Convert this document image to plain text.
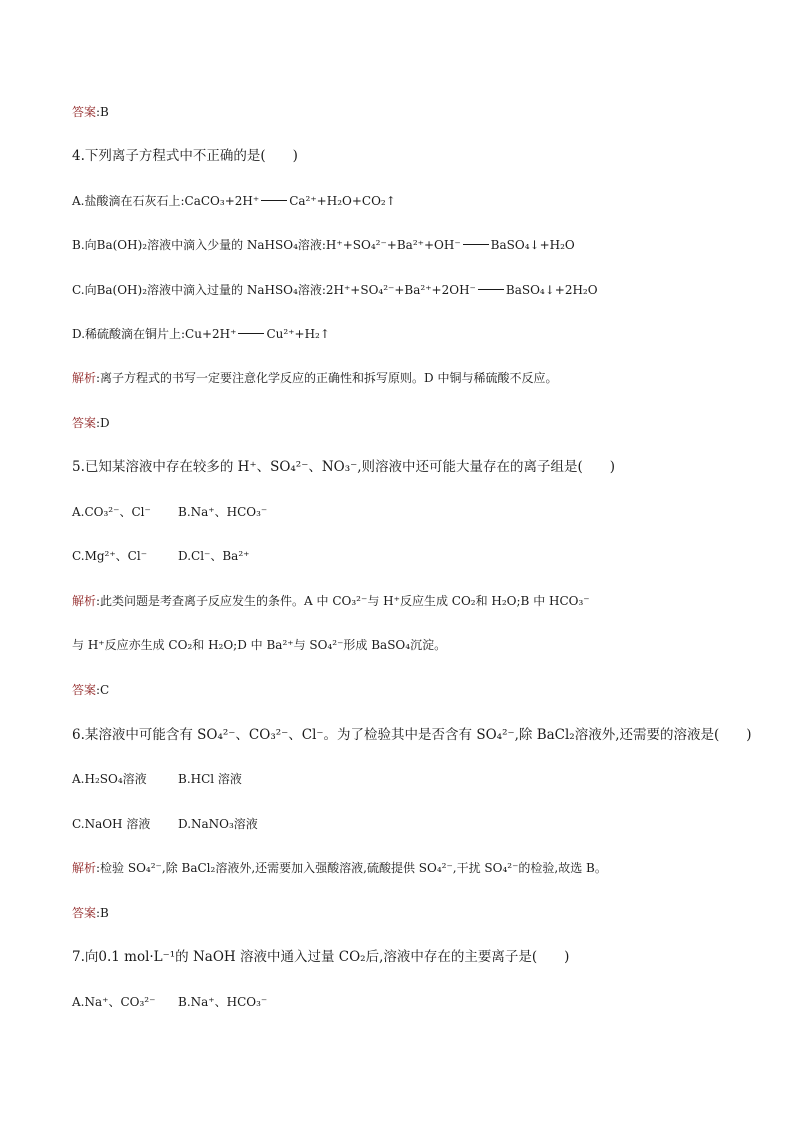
答案:B
4.下列离子方程式中不正确的是(　　)
A.盐酸滴在石灰石上:CaCO₃+2H⁺	Ca²⁺+H₂O+CO₂↑
B.向Ba(OH)₂溶液中滴入少量的 NaHSO₄溶液:H⁺+SO₄²⁻+Ba²⁺+OH⁻	BaSO₄↓+H₂O
C.向Ba(OH)₂溶液中滴入过量的 NaHSO₄溶液:2H⁺+SO₄²⁻+Ba²⁺+2OH⁻	BaSO₄↓+2H₂O
D.稀硫酸滴在铜片上:Cu+2H⁺	Cu²⁺+H₂↑
解析:离子方程式的书写一定要注意化学反应的正确性和拆写原则。D 中铜与稀硫酸不反应。
答案:D
5.已知某溶液中存在较多的 H⁺、SO₄²⁻、NO₃⁻,则溶液中还可能大量存在的离子组是(　　)
A.CO₃²⁻、Cl⁻ B.Na⁺、HCO₃⁻
C.Mg²⁺、Cl⁻	D.Cl⁻、Ba²⁺
解析:此类问题是考查离子反应发生的条件。A 中 CO₃²⁻与 H⁺反应生成 CO₂和 H₂O;B 中 HCO₃⁻
与 H⁺反应亦生成 CO₂和 H₂O;D 中 Ba²⁺与 SO₄²⁻形成 BaSO₄沉淀。
答案:C
6.某溶液中可能含有 SO₄²⁻、CO₃²⁻、Cl⁻。为了检验其中是否含有 SO₄²⁻,除 BaCl₂溶液外,还需要的溶液是(　　)
A.H₂SO₄溶液	B.HCl 溶液
C.NaOH 溶液 D.NaNO₃溶液
解析:检验 SO₄²⁻,除 BaCl₂溶液外,还需要加入强酸溶液,硫酸提供 SO₄²⁻,干扰 SO₄²⁻的检验,故选 B。
答案:B
7.向0.1 mol·L⁻¹的 NaOH 溶液中通入过量 CO₂后,溶液中存在的主要离子是(　　)
A.Na⁺、CO₃²⁻ B.Na⁺、HCO₃⁻
